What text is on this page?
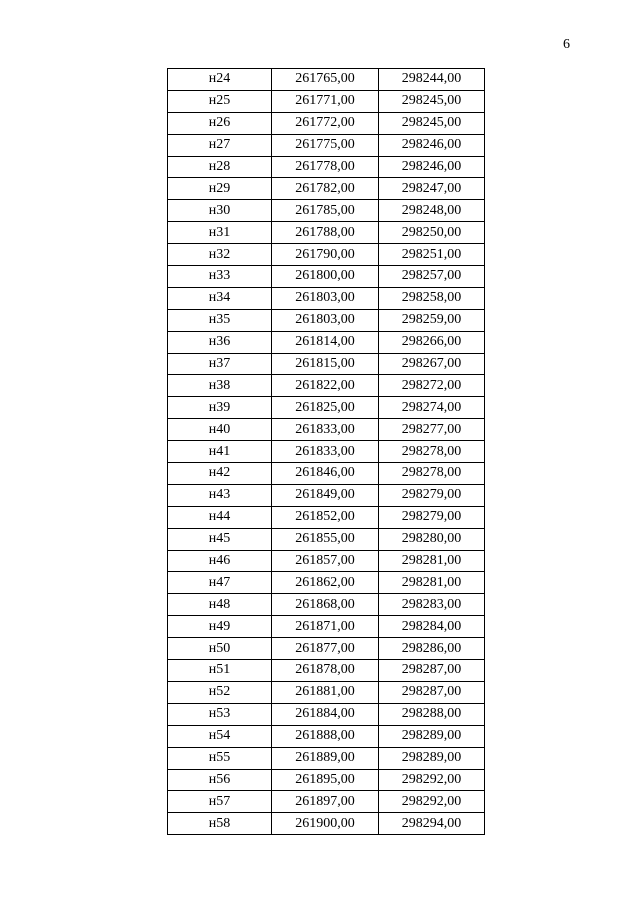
6
н24	261765,00	298244,00
н25	261771,00	298245,00
н26	261772,00	298245,00
н27	261775,00	298246,00
н28	261778,00	298246,00
н29	261782,00	298247,00
н30	261785,00	298248,00
н31	261788,00	298250,00
н32	261790,00	298251,00
н33	261800,00	298257,00
н34	261803,00	298258,00
н35	261803,00	298259,00
н36	261814,00	298266,00
н37	261815,00	298267,00
н38	261822,00	298272,00
н39	261825,00	298274,00
н40	261833,00	298277,00
н41	261833,00	298278,00
н42	261846,00	298278,00
н43	261849,00	298279,00
н44	261852,00	298279,00
н45	261855,00	298280,00
н46	261857,00	298281,00
н47	261862,00	298281,00
н48	261868,00	298283,00
н49	261871,00	298284,00
н50	261877,00	298286,00
н51	261878,00	298287,00
н52	261881,00	298287,00
н53	261884,00	298288,00
н54	261888,00	298289,00
н55	261889,00	298289,00
н56	261895,00	298292,00
н57	261897,00	298292,00
н58	261900,00	298294,00
